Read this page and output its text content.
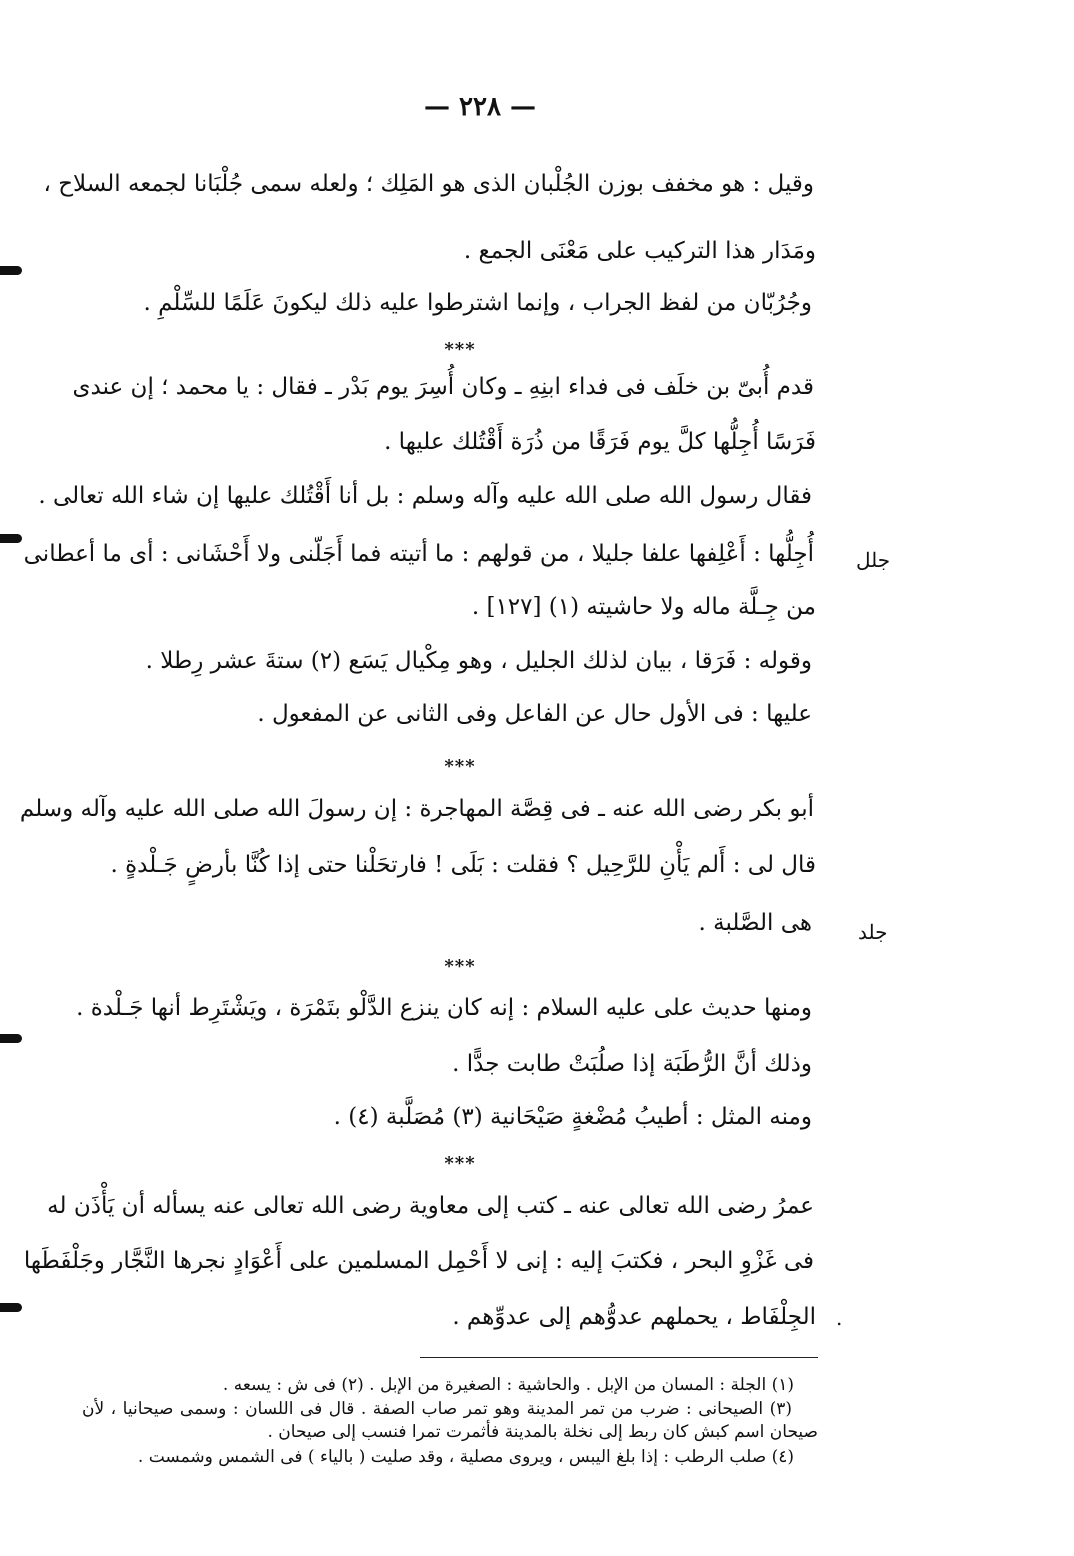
— ٢٢٨ —
وقيل : هو مخفف بوزن الجُلْبان الذى هو المَلِك ؛ ولعله سمى جُلْبَانا لجمعه السلاح ،
ومَدَار هذا التركيب على مَعْنَى الجمع .
وجُرُبّان من لفظ الجراب ، وإنما اشترطوا عليه ذلك ليكونَ عَلَمًا للسِّلْمِ .
***
قدم أُبىّ بن خلَف فى فداء ابنِهِ ـ وكان أُسِرَ يوم بَدْر ـ فقال : يا محمد ؛ إن عندى
فَرَسًا أُجِلُّها كلَّ يوم فَرَقًا من ذُرَة أَقْتُلك عليها .
فقال رسول الله صلى الله عليه وآله وسلم : بل أنا أَقْتُلك عليها إن شاء الله تعالى .
أُجِلُّها : أَعْلِفها علفا جليلا ، من قولهم : ما أتيته فما أَجَلّنى ولا أَحْشَانى : أى ما أعطانى
من جِـلَّة ماله ولا حاشيته (١) [١٢٧] .
وقوله : فَرَقا ، بيان لذلك الجليل ، وهو مِكْيال يَسَع (٢) ستةَ عشر رِطلا .
عليها : فى الأول حال عن الفاعل وفى الثانى عن المفعول .
جلل
***
أبو بكر رضى الله عنه ـ فى قِصَّة المهاجرة : إن رسولَ الله صلى الله عليه وآله وسلم
قال لى : أَلم يَأْنِ للرَّحِيل ؟ فقلت : بَلَى ! فارتحَلْنا حتى إذا كُنَّا بأرضٍ جَـلْدةٍ .
هى الصَّلبة . جلد
***
ومنها حديث على عليه السلام : إنه كان ينزع الدَّلْو بتَمْرَة ، ويَشْتَرِط أنها جَـلْدة .
وذلك أنَّ الرُّطَبَة إذا صلُبَتْ طابت جدًّا .
ومنه المثل : أطيبُ مُضْغةٍ صَيْحَانية (٣) مُصَلَّبة (٤) .
***
عمرُ رضى الله تعالى عنه ـ كتب إلى معاوية رضى الله تعالى عنه يسأله أن يَأْذَن له
فى غَزْوِ البحر ، فكتبَ إليه : إنى لا أَحْمِل المسلمين على أَعْوَادٍ نجرها النَّجَّار وجَلْفَطَها
الجِلْفَاط ، يحملهم عدوُّهم إلى عدوِّهم . .
(١) الجلة : المسان من الإبل . والحاشية : الصغيرة من الإبل . (٢) فى ش : يسعه .
(٣) الصيحانى : ضرب من تمر المدينة وهو تمر صاب الصفة . قال فى اللسان : وسمى صيحانيا ، لأن
صيحان اسم كبش كان ربط إلى نخلة بالمدينة فأثمرت تمرا فنسب إلى صيحان .
(٤) صلب الرطب : إذا بلغ اليبس ، ويروى مصلية ، وقد صليت ( بالياء ) فى الشمس وشمست .
